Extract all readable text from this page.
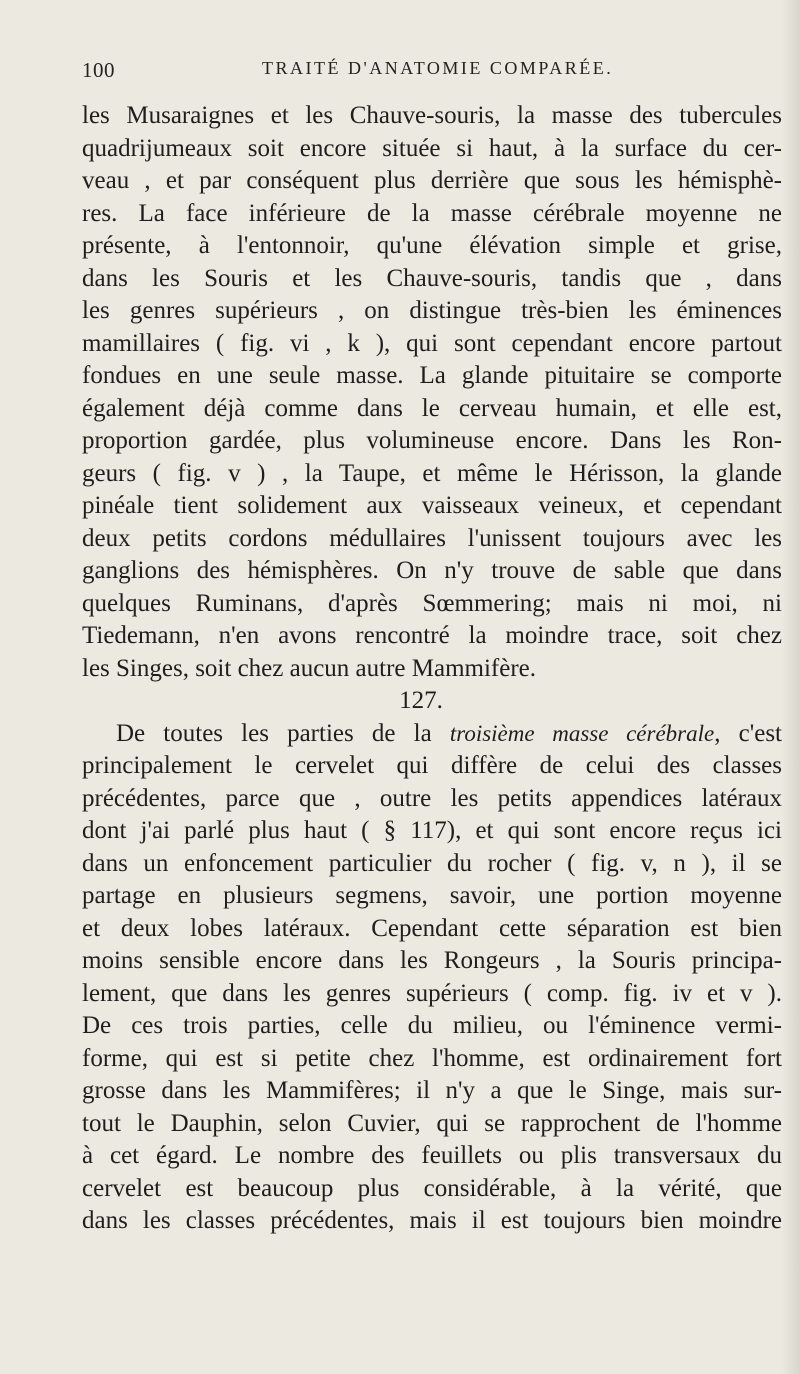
100	TRAITÉ D'ANATOMIE COMPARÉE.
les Musaraignes et les Chauve-souris, la masse des tubercules
quadrijumeaux soit encore située si haut, à la surface du cer-
veau , et par conséquent plus derrière que sous les hémisphè-
res. La face inférieure de la masse cérébrale moyenne ne
présente, à l'entonnoir, qu'une élévation simple et grise,
dans les Souris et les Chauve-souris, tandis que , dans
les genres supérieurs , on distingue très-bien les éminences
mamillaires ( fig. vi , k ), qui sont cependant encore partout
fondues en une seule masse. La glande pituitaire se comporte
également déjà comme dans le cerveau humain, et elle est,
proportion gardée, plus volumineuse encore. Dans les Ron-
geurs ( fig. v ) , la Taupe, et même le Hérisson, la glande
pinéale tient solidement aux vaisseaux veineux, et cependant
deux petits cordons médullaires l'unissent toujours avec les
ganglions des hémisphères. On n'y trouve de sable que dans
quelques Ruminans, d'après Sœmmering; mais ni moi, ni
Tiedemann, n'en avons rencontré la moindre trace, soit chez
les Singes, soit chez aucun autre Mammifère.
127.
De toutes les parties de la troisième masse cérébrale, c'est
principalement le cervelet qui diffère de celui des classes
précédentes, parce que , outre les petits appendices latéraux
dont j'ai parlé plus haut ( § 117), et qui sont encore reçus ici
dans un enfoncement particulier du rocher ( fig. v, n ), il se
partage en plusieurs segmens, savoir, une portion moyenne
et deux lobes latéraux. Cependant cette séparation est bien
moins sensible encore dans les Rongeurs , la Souris principa-
lement, que dans les genres supérieurs ( comp. fig. iv et v ).
De ces trois parties, celle du milieu, ou l'éminence vermi-
forme, qui est si petite chez l'homme, est ordinairement fort
grosse dans les Mammifères; il n'y a que le Singe, mais sur-
tout le Dauphin, selon Cuvier, qui se rapprochent de l'homme
à cet égard. Le nombre des feuillets ou plis transversaux du
cervelet est beaucoup plus considérable, à la vérité, que
dans les classes précédentes, mais il est toujours bien moindre
